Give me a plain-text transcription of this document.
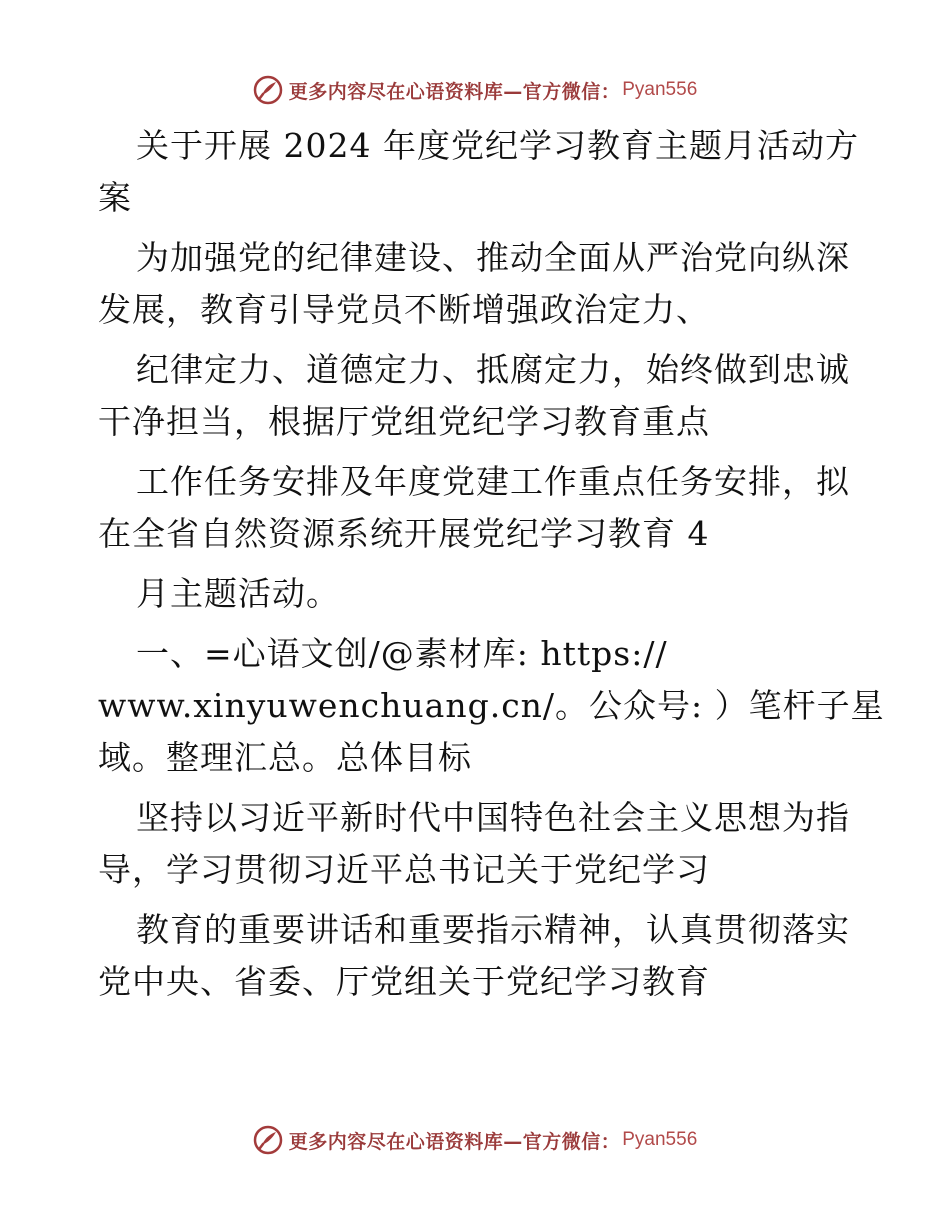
更多内容尽在心语资料库—官方微信： Pyan556
关于开展 2024 年度党纪学习教育主题月活动方
案
为加强党的纪律建设、推动全面从严治党向纵深
发展，教育引导党员不断增强政治定力、
纪律定力、道德定力、抵腐定力，始终做到忠诚
干净担当，根据厅党组党纪学习教育重点
工作任务安排及年度党建工作重点任务安排，拟
在全省自然资源系统开展党纪学习教育 4
月主题活动。
一、=心语文创/@素材库: https://
www.xinyuwenchuang.cn/。公众号: ）笔杆子星
域。整理汇总。总体目标
坚持以习近平新时代中国特色社会主义思想为指
导，学习贯彻习近平总书记关于党纪学习
教育的重要讲话和重要指示精神，认真贯彻落实
党中央、省委、厅党组关于党纪学习教育
更多内容尽在心语资料库—官方微信： Pyan556
